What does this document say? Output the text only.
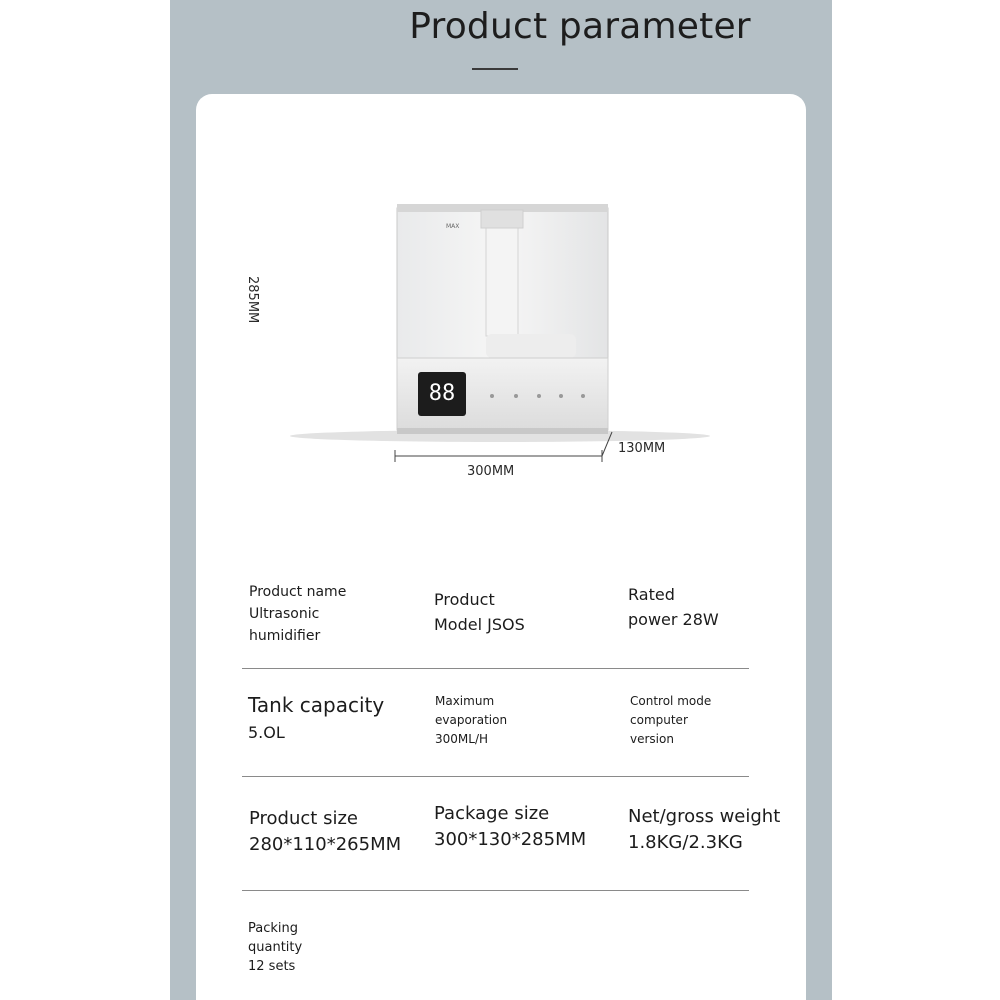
Product parameter
MAX
88
285MM
300MM
130MM
Product name
Ultrasonic
humidifier
Product
Model JSOS
Rated
power 28W
Tank capacity
5.OL
Maximum
evaporation
300ML/H
Control mode
computer
version
Product size
280*110*265MM
Package size
300*130*285MM
Net/gross weight
1.8KG/2.3KG
Packing
quantity
12 sets
